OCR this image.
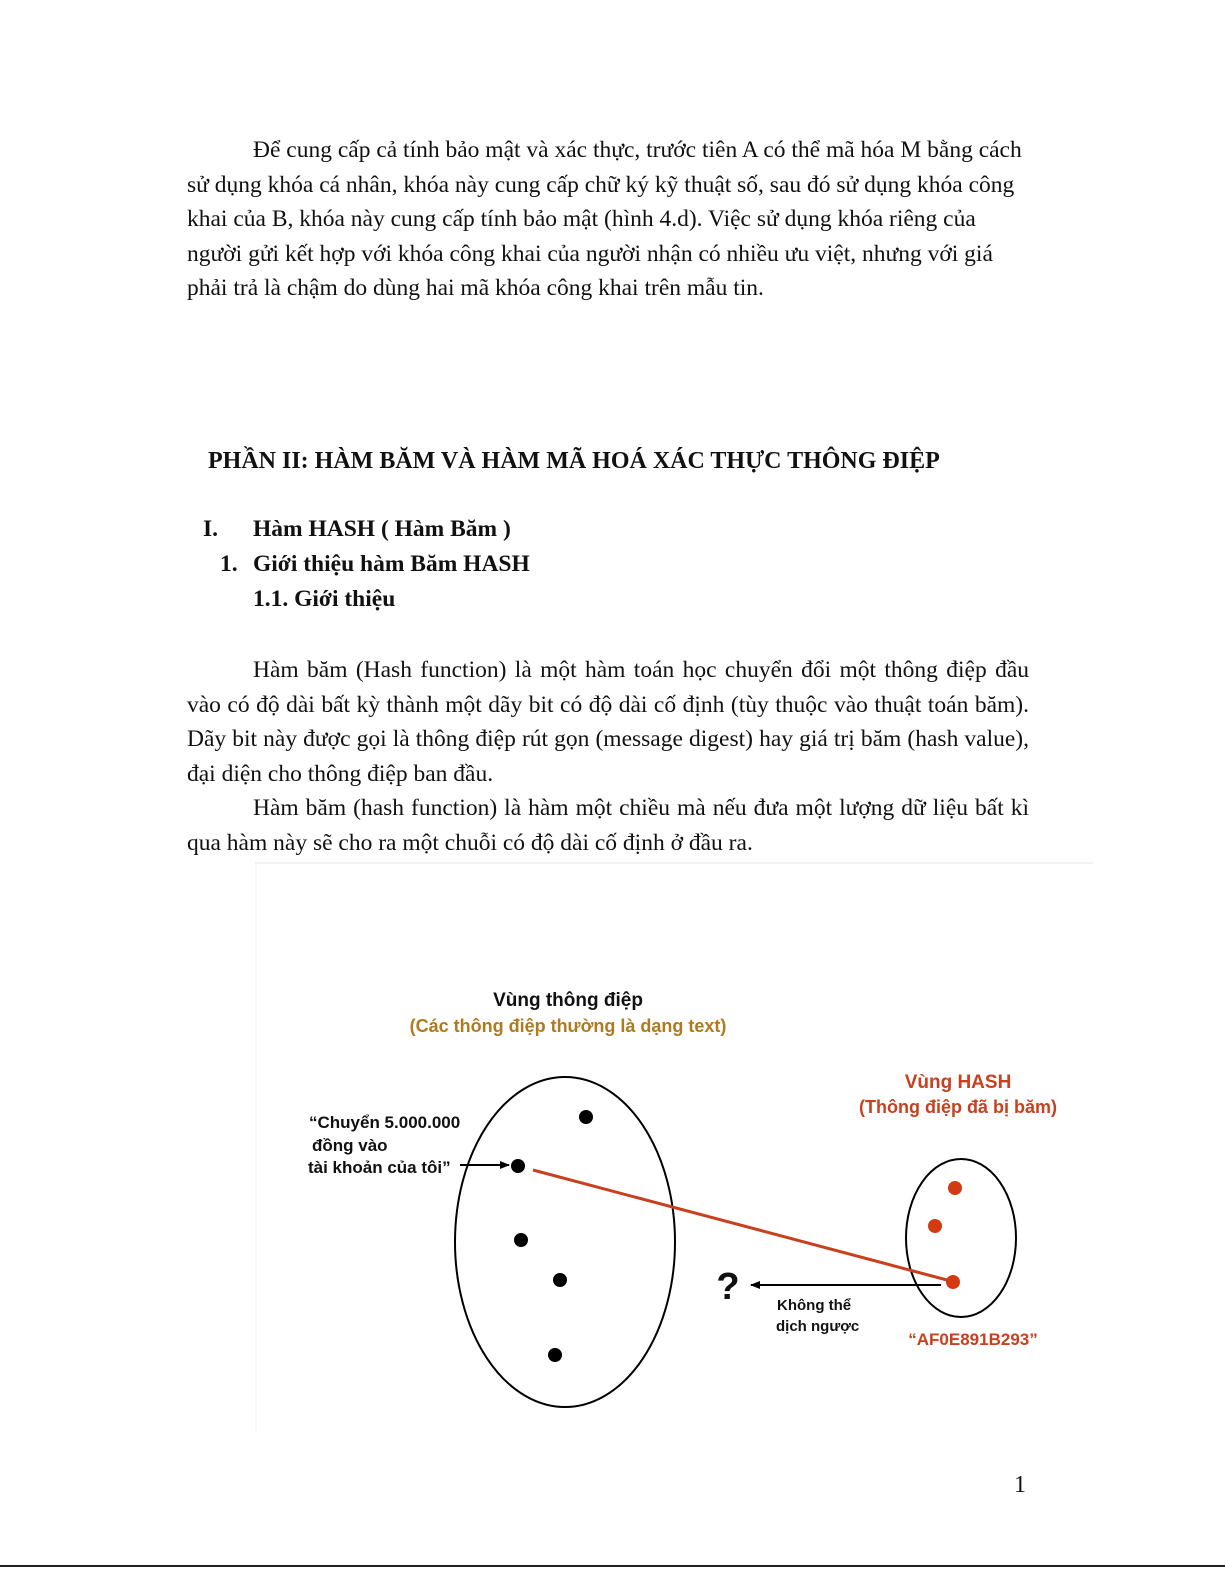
Để cung cấp cả tính bảo mật và xác thực, trước tiên A có thể mã hóa M bằng cách sử dụng khóa cá nhân, khóa này cung cấp chữ ký kỹ thuật số, sau đó sử dụng khóa công khai của B, khóa này cung cấp tính bảo mật (hình 4.d). Việc sử dụng khóa riêng của người gửi kết hợp với khóa công khai của người nhận có nhiều ưu việt, nhưng với giá phải trả là chậm do dùng hai mã khóa công khai trên mẫu tin.

PHẦN II: HÀM BĂM VÀ HÀM MÃ HOÁ XÁC THỰC THÔNG ĐIỆP
I. Hàm HASH ( Hàm Băm )
1. Giới thiệu hàm Băm HASH
1.1. Giới thiệu

Hàm băm (Hash function) là một hàm toán học chuyển đổi một thông điệp đầu vào có độ dài bất kỳ thành một dãy bit có độ dài cố định (tùy thuộc vào thuật toán băm). Dãy bit này được gọi là thông điệp rút gọn (message digest) hay giá trị băm (hash value), đại diện cho thông điệp ban đầu.

Hàm băm (hash function) là hàm một chiều mà nếu đưa một lượng dữ liệu bất kì qua hàm này sẽ cho ra một chuỗi có độ dài cố định ở đầu ra.

Vùng thông điệp
(Các thông điệp thường là dạng text)
Vùng HASH
(Thông điệp đã bị băm)
“Chuyển 5.000.000
đồng vào
tài khoản của tôi”
? Không thể
dịch ngược
“AF0E891B293”
1
